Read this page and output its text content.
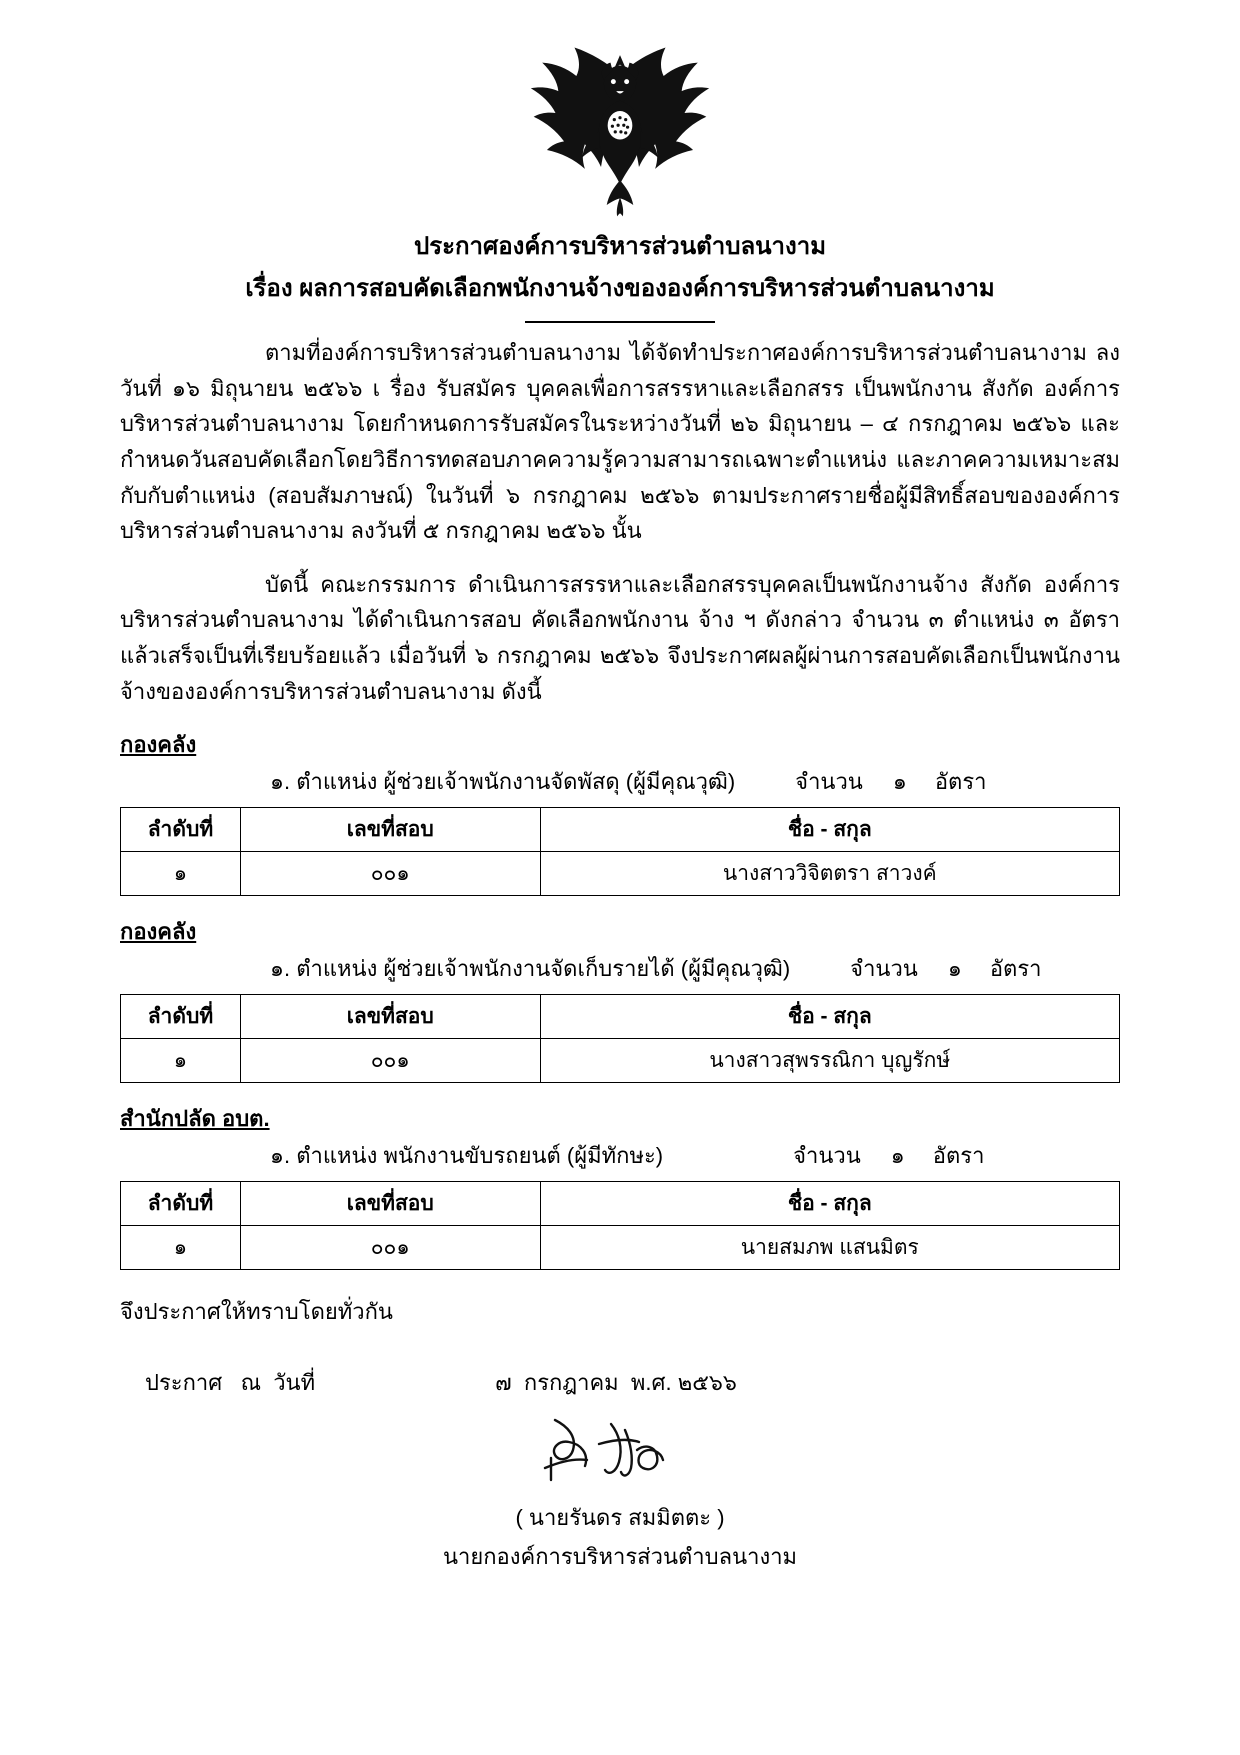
ประกาศองค์การบริหารส่วนตำบลนางาม
เรื่อง ผลการสอบคัดเลือกพนักงานจ้างขององค์การบริหารส่วนตำบลนางาม

ตามที่องค์การบริหารส่วนตำบลนางาม ได้จัดทำประกาศองค์การบริหารส่วนตำบลนางาม ลงวันที่ ๑๖ มิถุนายน ๒๕๖๖ เ รื่อง รับสมัคร บุคคลเพื่อการสรรหาและเลือกสรร เป็นพนักงาน สังกัด องค์การบริหารส่วนตำบลนางาม โดยกำหนดการรับสมัครในระหว่างวันที่ ๒๖ มิถุนายน – ๔ กรกฎาคม ๒๕๖๖ และกำหนดวันสอบคัดเลือกโดยวิธีการทดสอบภาคความรู้ความสามารถเฉพาะตำแหน่ง และภาคความเหมาะสมกับกับตำแหน่ง (สอบสัมภาษณ์) ในวันที่ ๖ กรกฎาคม ๒๕๖๖ ตามประกาศรายชื่อผู้มีสิทธิ์สอบขององค์การบริหารส่วนตำบลนางาม ลงวันที่ ๕ กรกฎาคม ๒๕๖๖ นั้น

บัดนี้ คณะกรรมการ ดำเนินการสรรหาและเลือกสรรบุคคลเป็นพนักงานจ้าง สังกัด องค์การบริหารส่วนตำบลนางาม ได้ดำเนินการสอบ คัดเลือกพนักงาน จ้าง ฯ ดังกล่าว จำนวน ๓ ตำแหน่ง ๓ อัตรา แล้วเสร็จเป็นที่เรียบร้อยแล้ว เมื่อวันที่ ๖ กรกฎาคม ๒๕๖๖ จึงประกาศผลผู้ผ่านการสอบคัดเลือกเป็นพนักงานจ้างขององค์การบริหารส่วนตำบลนางาม ดังนี้

กองคลัง
๑. ตำแหน่ง ผู้ช่วยเจ้าพนักงานจัดพัสดุ (ผู้มีคุณวุฒิ)	จำนวน ๑ อัตรา
ลำดับที่	เลขที่สอบ	ชื่อ - สกุล
๑	๐๐๑	นางสาววิจิตตรา สาวงค์
กองคลัง
๑. ตำแหน่ง ผู้ช่วยเจ้าพนักงานจัดเก็บรายได้ (ผู้มีคุณวุฒิ)	จำนวน ๑ อัตรา
ลำดับที่	เลขที่สอบ	ชื่อ - สกุล
๑	๐๐๑	นางสาวสุพรรณิกา บุญรักษ์
สำนักปลัด อบต.
๑. ตำแหน่ง พนักงานขับรถยนต์ (ผู้มีทักษะ)	จำนวน ๑ อัตรา
ลำดับที่	เลขที่สอบ	ชื่อ - สกุล
๑	๐๐๑	นายสมภพ แสนมิตร
จึงประกาศให้ทราบโดยทั่วกัน
ประกาศ   ณ  วันที่	๗  กรกฎาคม  พ.ศ. ๒๕๖๖
( นายรันดร สมมิตตะ )
นายกองค์การบริหารส่วนตำบลนางาม
